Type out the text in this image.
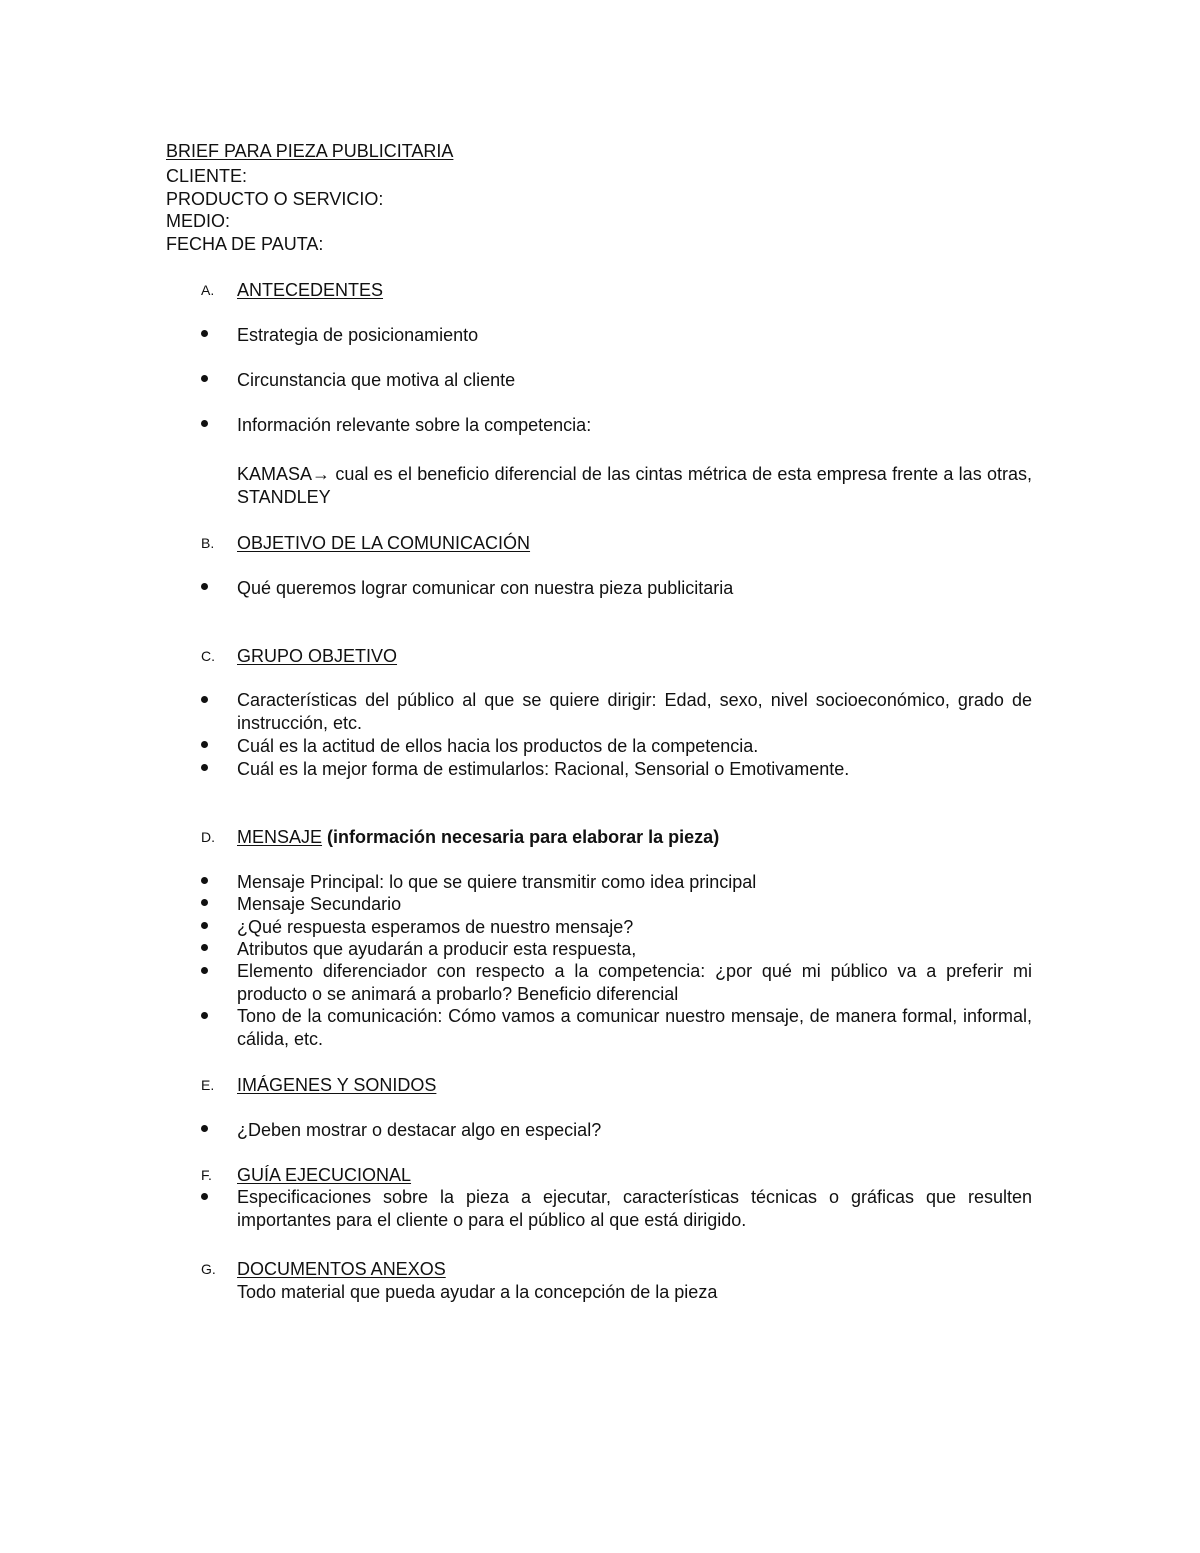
BRIEF PARA PIEZA PUBLICITARIA
CLIENTE:
PRODUCTO O SERVICIO:
MEDIO:
FECHA DE PAUTA:
A. ANTECEDENTES
Estrategia de posicionamiento
Circunstancia que motiva al cliente
Información relevante sobre la competencia:
KAMASA→ cual es el beneficio diferencial de las cintas métrica de esta empresa frente a las otras, STANDLEY
B. OBJETIVO DE LA COMUNICACIÓN
Qué queremos lograr comunicar con nuestra pieza publicitaria
C. GRUPO OBJETIVO
Características del público al que se quiere dirigir: Edad, sexo, nivel socioeconómico, grado de instrucción, etc.
Cuál es la actitud de ellos hacia los productos de la competencia.
Cuál es la mejor forma de estimularlos: Racional, Sensorial o Emotivamente.
D. MENSAJE (información necesaria para elaborar la pieza)
Mensaje Principal: lo que se quiere transmitir como idea principal
Mensaje Secundario
¿Qué respuesta esperamos de nuestro mensaje?
Atributos que ayudarán a producir esta respuesta,
Elemento diferenciador con respecto a la competencia: ¿por qué mi público va a preferir mi producto o se animará a probarlo? Beneficio diferencial
Tono de la comunicación: Cómo vamos a comunicar nuestro mensaje, de manera formal, informal, cálida, etc.
E. IMÁGENES Y SONIDOS
¿Deben mostrar o destacar algo en especial?
F. GUÍA EJECUCIONAL
Especificaciones sobre la pieza a ejecutar, características técnicas o gráficas que resulten importantes para el cliente o para el público al que está dirigido.
G. DOCUMENTOS ANEXOS
Todo material que pueda ayudar a la concepción de la pieza
